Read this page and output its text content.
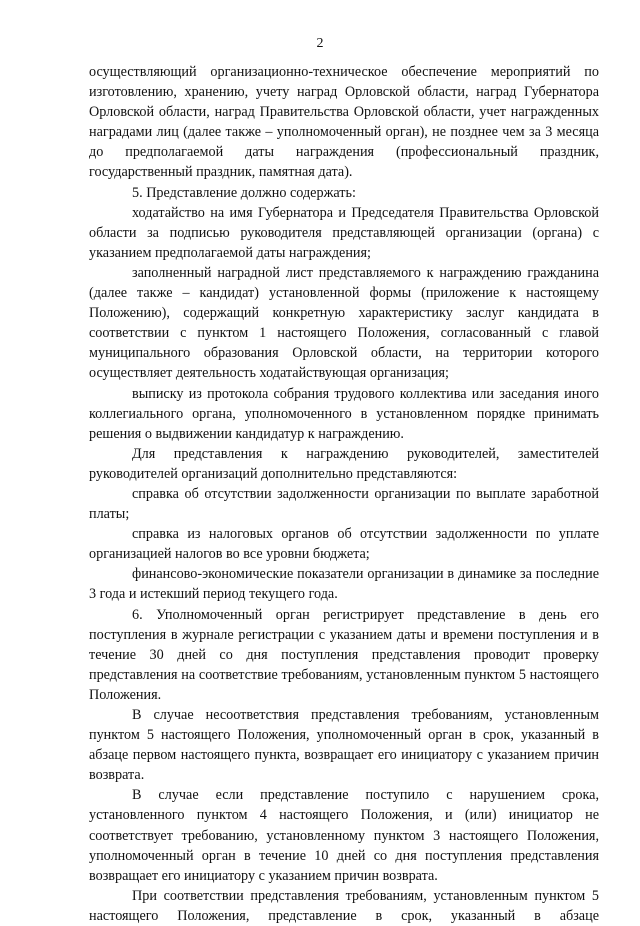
2

осуществляющий организационно-техническое обеспечение мероприятий по изготовлению, хранению, учету наград Орловской области, наград Губернатора Орловской области, наград Правительства Орловской области, учет награжденных наградами лиц (далее также – уполномоченный орган), не позднее чем за 3 месяца до предполагаемой даты награждения (профессиональный праздник, государственный праздник, памятная дата).

5. Представление должно содержать:

ходатайство на имя Губернатора и Председателя Правительства Орловской области за подписью руководителя представляющей организации (органа) с указанием предполагаемой даты награждения;

заполненный наградной лист представляемого к награждению гражданина (далее также – кандидат) установленной формы (приложение к настоящему Положению), содержащий конкретную характеристику заслуг кандидата в соответствии с пунктом 1 настоящего Положения, согласованный с главой муниципального образования Орловской области, на территории которого осуществляет деятельность ходатайствующая организация;

выписку из протокола собрания трудового коллектива или заседания иного коллегиального органа, уполномоченного в установленном порядке принимать решения о выдвижении кандидатур к награждению.

Для представления к награждению руководителей, заместителей руководителей организаций дополнительно представляются:

справка об отсутствии задолженности организации по выплате заработной платы;

справка из налоговых органов об отсутствии задолженности по уплате организацией налогов во все уровни бюджета;

финансово-экономические показатели организации в динамике за последние 3 года и истекший период текущего года.

6. Уполномоченный орган регистрирует представление в день его поступления в журнале регистрации с указанием даты и времени поступления и в течение 30 дней со дня поступления представления проводит проверку представления на соответствие требованиям, установленным пунктом 5 настоящего Положения.

В случае несоответствия представления требованиям, установленным пунктом 5 настоящего Положения, уполномоченный орган в срок, указанный в абзаце первом настоящего пункта, возвращает его инициатору с указанием причин возврата.

В случае если представление поступило с нарушением срока, установленного пунктом 4 настоящего Положения, и (или) инициатор не соответствует требованию, установленному пунктом 3 настоящего Положения, уполномоченный орган в течение 10 дней со дня поступления представления возвращает его инициатору с указанием причин возврата.

При соответствии представления требованиям, установленным пунктом 5 настоящего Положения, представление в срок, указанный в абзаце
